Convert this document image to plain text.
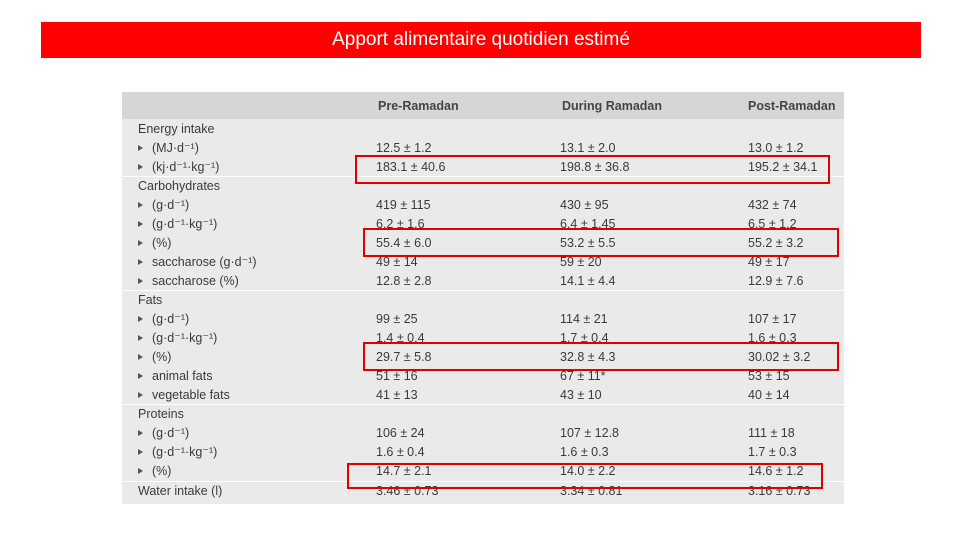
Apport alimentaire quotidien estimé
Pre-Ramadan	During Ramadan	Post-Ramadan
Energy intake
(MJ·d⁻¹)	12.5 ± 1.2	13.1 ± 2.0	13.0 ± 1.2
(kj·d⁻¹·kg⁻¹)	183.1 ± 40.6	198.8 ± 36.8	195.2 ± 34.1
Carbohydrates
(g·d⁻¹)	419 ± 115	430 ± 95	432 ± 74
(g·d⁻¹·kg⁻¹)	6.2 ± 1.6	6.4 ± 1.45	6.5 ± 1.2
(%)	55.4 ± 6.0	53.2 ± 5.5	55.2 ± 3.2
saccharose (g·d⁻¹)	49 ± 14	59 ± 20	49 ± 17
saccharose (%)	12.8 ± 2.8	14.1 ± 4.4	12.9 ± 7.6
Fats
(g·d⁻¹)	99 ± 25	114 ± 21	107 ± 17
(g·d⁻¹·kg⁻¹)	1.4 ± 0.4	1.7 ± 0.4	1.6 ± 0.3
(%)	29.7 ± 5.8	32.8 ± 4.3	30.02 ± 3.2
animal fats	51 ± 16	67 ± 11*	53 ± 15
vegetable fats	41 ± 13	43 ± 10	40 ± 14
Proteins
(g·d⁻¹)	106 ± 24	107 ± 12.8	111 ± 18
(g·d⁻¹·kg⁻¹)	1.6 ± 0.4	1.6 ± 0.3	1.7 ± 0.3
(%)	14.7 ± 2.1	14.0 ± 2.2	14.6 ± 1.2
Water intake (l)	3.46 ± 0.73	3.34 ± 0.81	3.16 ± 0.73
